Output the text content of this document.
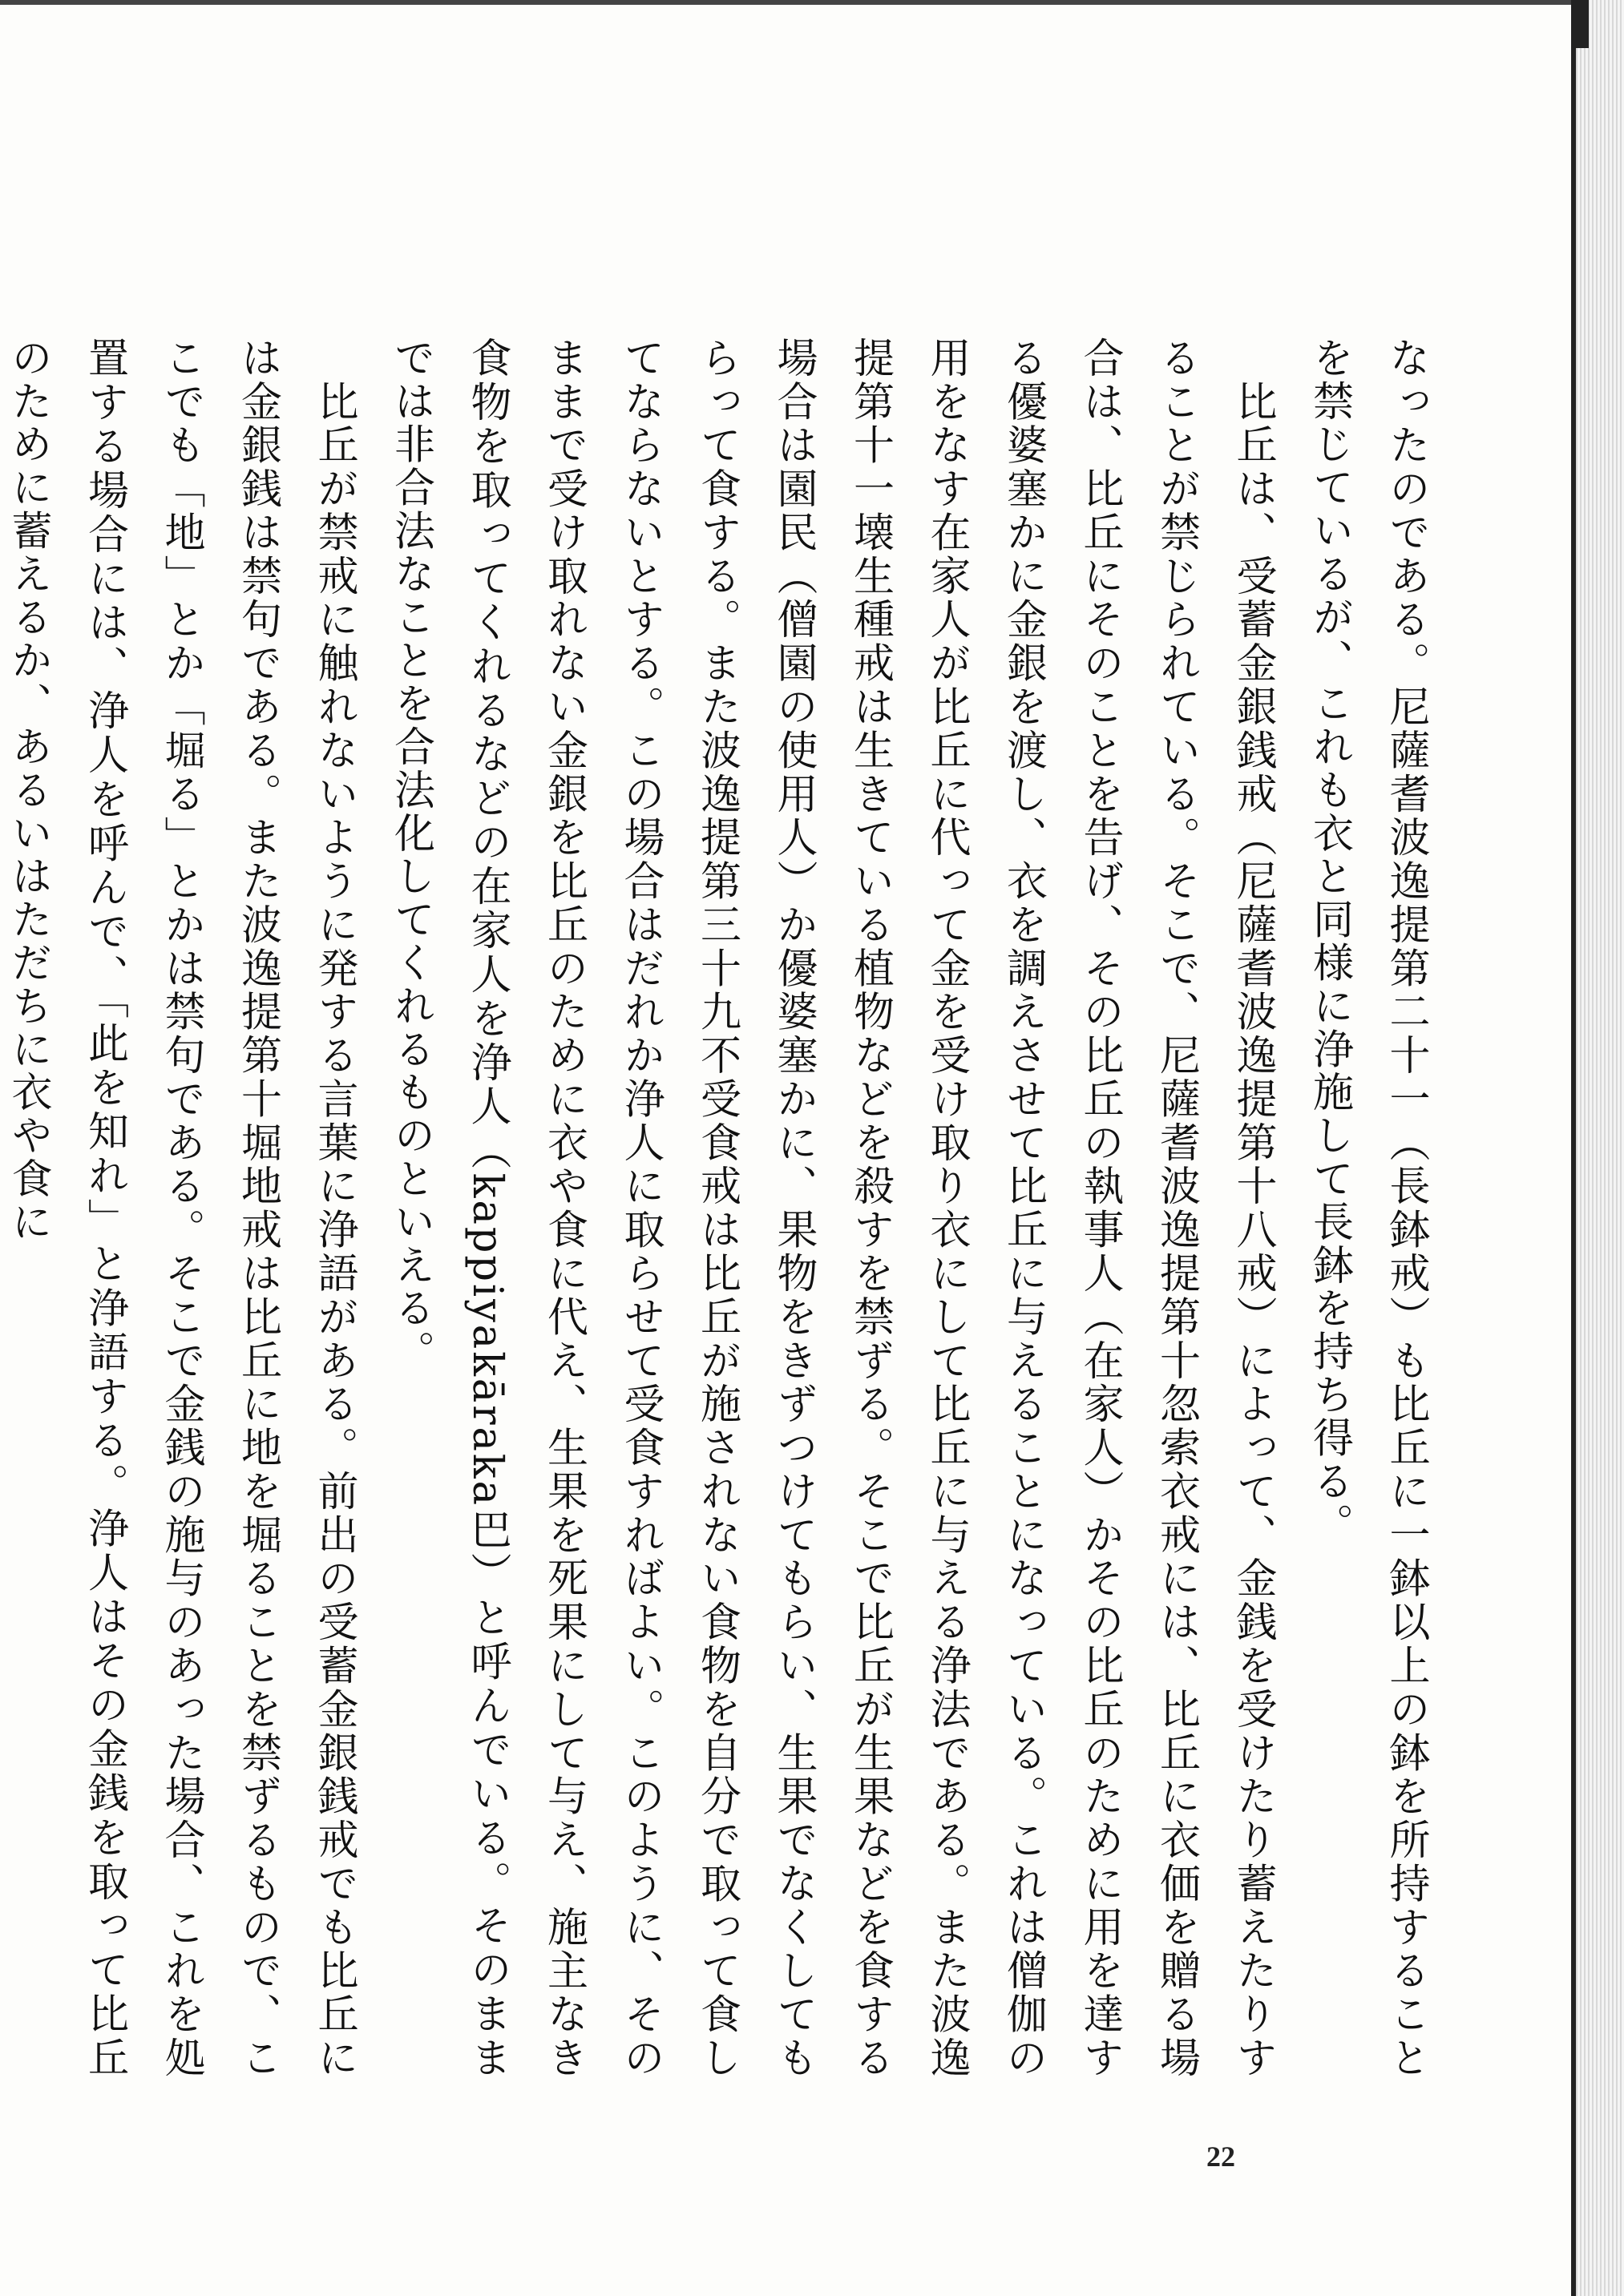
なったのである。尼薩耆波逸提第二十一（長鉢戒）も比丘に一鉢以上の鉢を所持することを禁じているが、これも衣と同様に浄施して長鉢を持ち得る。
　比丘は、受蓄金銀銭戒（尼薩耆波逸提第十八戒）によって、金銭を受けたり蓄えたりすることが禁じられている。そこで、尼薩耆波逸提第十忽索衣戒には、比丘に衣価を贈る場合は、比丘にそのことを告げ、その比丘の執事人（在家人）かその比丘のために用を達する優婆塞かに金銀を渡し、衣を調えさせて比丘に与えることになっている。これは僧伽の用をなす在家人が比丘に代って金を受け取り衣にして比丘に与える浄法である。また波逸提第十一壊生種戒は生きている植物などを殺すを禁ずる。そこで比丘が生果などを食する場合は園民（僧園の使用人）か優婆塞かに、果物をきずつけてもらい、生果でなくしてもらって食する。また波逸提第三十九不受食戒は比丘が施されない食物を自分で取って食してならないとする。この場合はだれか浄人に取らせて受食すればよい。このように、そのままで受け取れない金銀を比丘のために衣や食に代え、生果を死果にして与え、施主なき食物を取ってくれるなどの在家人を浄人（kappiyakāraka巴）と呼んでいる。そのままでは非合法なことを合法化してくれるものといえる。
　比丘が禁戒に触れないように発する言葉に浄語がある。前出の受蓄金銀銭戒でも比丘には金銀銭は禁句である。また波逸提第十堀地戒は比丘に地を堀ることを禁ずるもので、ここでも「地」とか「堀る」とかは禁句である。そこで金銭の施与のあった場合、これを処置する場合には、浄人を呼んで、「此を知れ」と浄語する。浄人はその金銭を取って比丘のために蓄えるか、あるいはただちに衣や食に
22
